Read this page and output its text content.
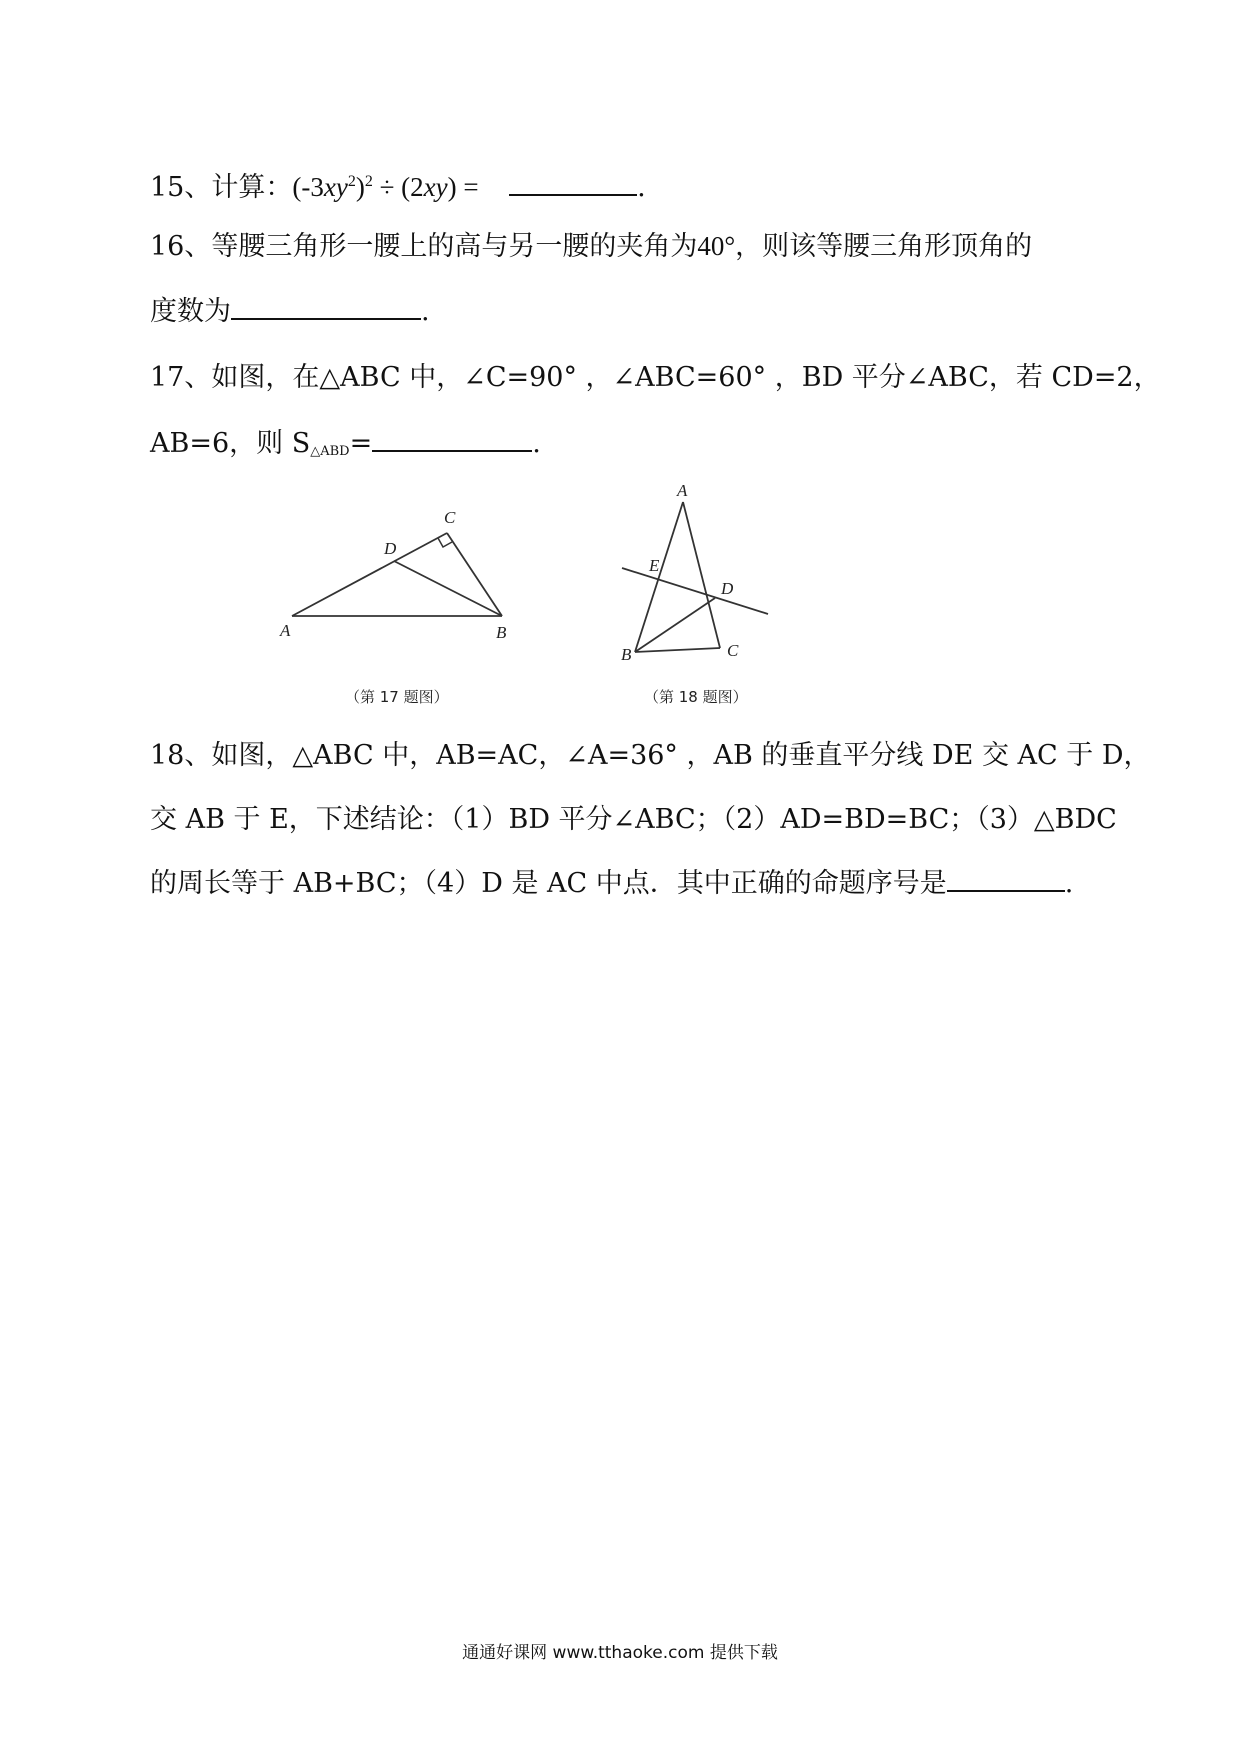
15、计算：$(-3xy^2)^2 \div (2xy)$ =	.
16、等腰三角形一腰上的高与另一腰的夹角为40°，则该等腰三角形顶角的
度数为	.
17、如图，在△ABC 中，∠C=90° ，∠ABC=60° ，BD 平分∠ABC，若 CD=2，
AB=6，则 $S_{\triangle ABD}=$	.
A	B
C
D
（第 17 题图）
A
B	C
D
E
（第 18 题图）
18、如图，△ABC 中，AB=AC，∠A=36° ，AB 的垂直平分线 DE 交 AC 于 D，
交 AB 于 E，下述结论：（1）BD 平分∠ABC；（2）AD=BD=BC；（3）△BDC
的周长等于 AB+BC；（4）D 是 AC 中点．其中正确的命题序号是	.
通通好课网 www.tthaoke.com 提供下载
